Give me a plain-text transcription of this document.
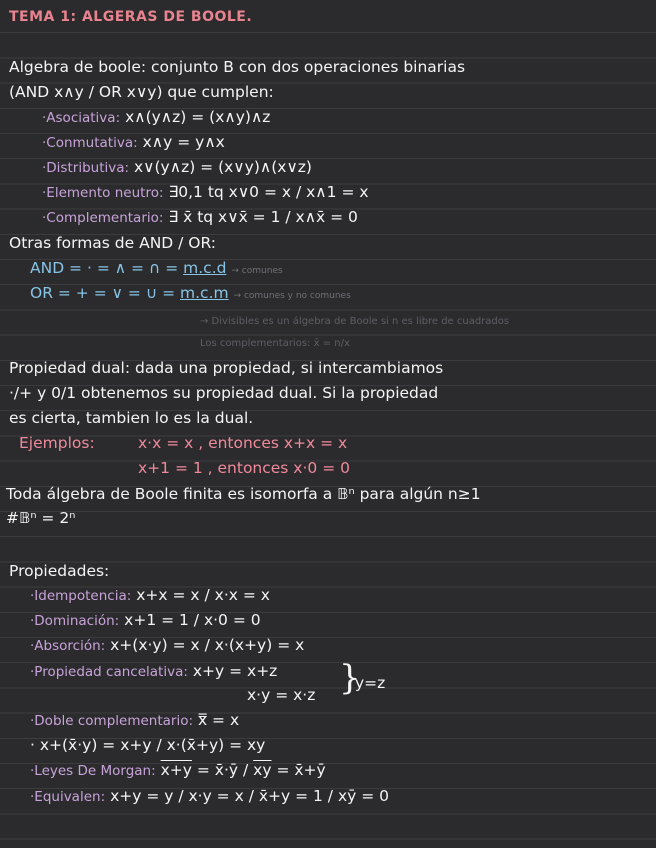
TEMA 1: ALGERAS DE BOOLE.
Algebra de boole: conjunto B con dos operaciones binarias
(AND x∧y / OR x∨y) que cumplen:
·Asociativa: x∧(y∧z) = (x∧y)∧z
·Conmutativa: x∧y = y∧x
·Distributiva: x∨(y∧z) = (x∨y)∧(x∨z)
·Elemento neutro: ∃0,1 tq x∨0 = x / x∧1 = x
·Complementario: ∃ x̄ tq x∨x̄ = 1 / x∧x̄ = 0
Otras formas de AND / OR:
AND = · = ∧ = ∩ = m.c.d → comunes
OR = + = ∨ = ∪ = m.c.m → comunes y no comunes
→ Divisibles es un álgebra de Boole si n es libre de cuadrados
Los complementarios: x̄ = n/x
Propiedad dual: dada una propiedad, si intercambiamos
·/+ y 0/1 obtenemos su propiedad dual. Si la propiedad
es cierta, tambien lo es la dual.
Ejemplos:	x·x = x , entonces x+x = x
x+1 = 1 , entonces x·0 = 0
Toda álgebra de Boole finita es isomorfa a 𝔹ⁿ para algún n≥1
#𝔹ⁿ = 2ⁿ
Propiedades:
·Idempotencia: x+x = x / x·x = x
·Dominación: x+1 = 1 / x·0 = 0
·Absorción: x+(x·y) = x / x·(x+y) = x
·Propiedad cancelativa: x+y = x+z
x·y = x·z }
y=z
·Doble complementario: x̿ = x
· x+(x̄·y) = x+y / x·(x̄+y) = xy
·Leyes De Morgan: x+y = x̄·ȳ / $\overline{xy}$ = x̄+ȳ
·Equivalen: x+y = y / x·y = x / x̄+y = 1 / xȳ = 0
